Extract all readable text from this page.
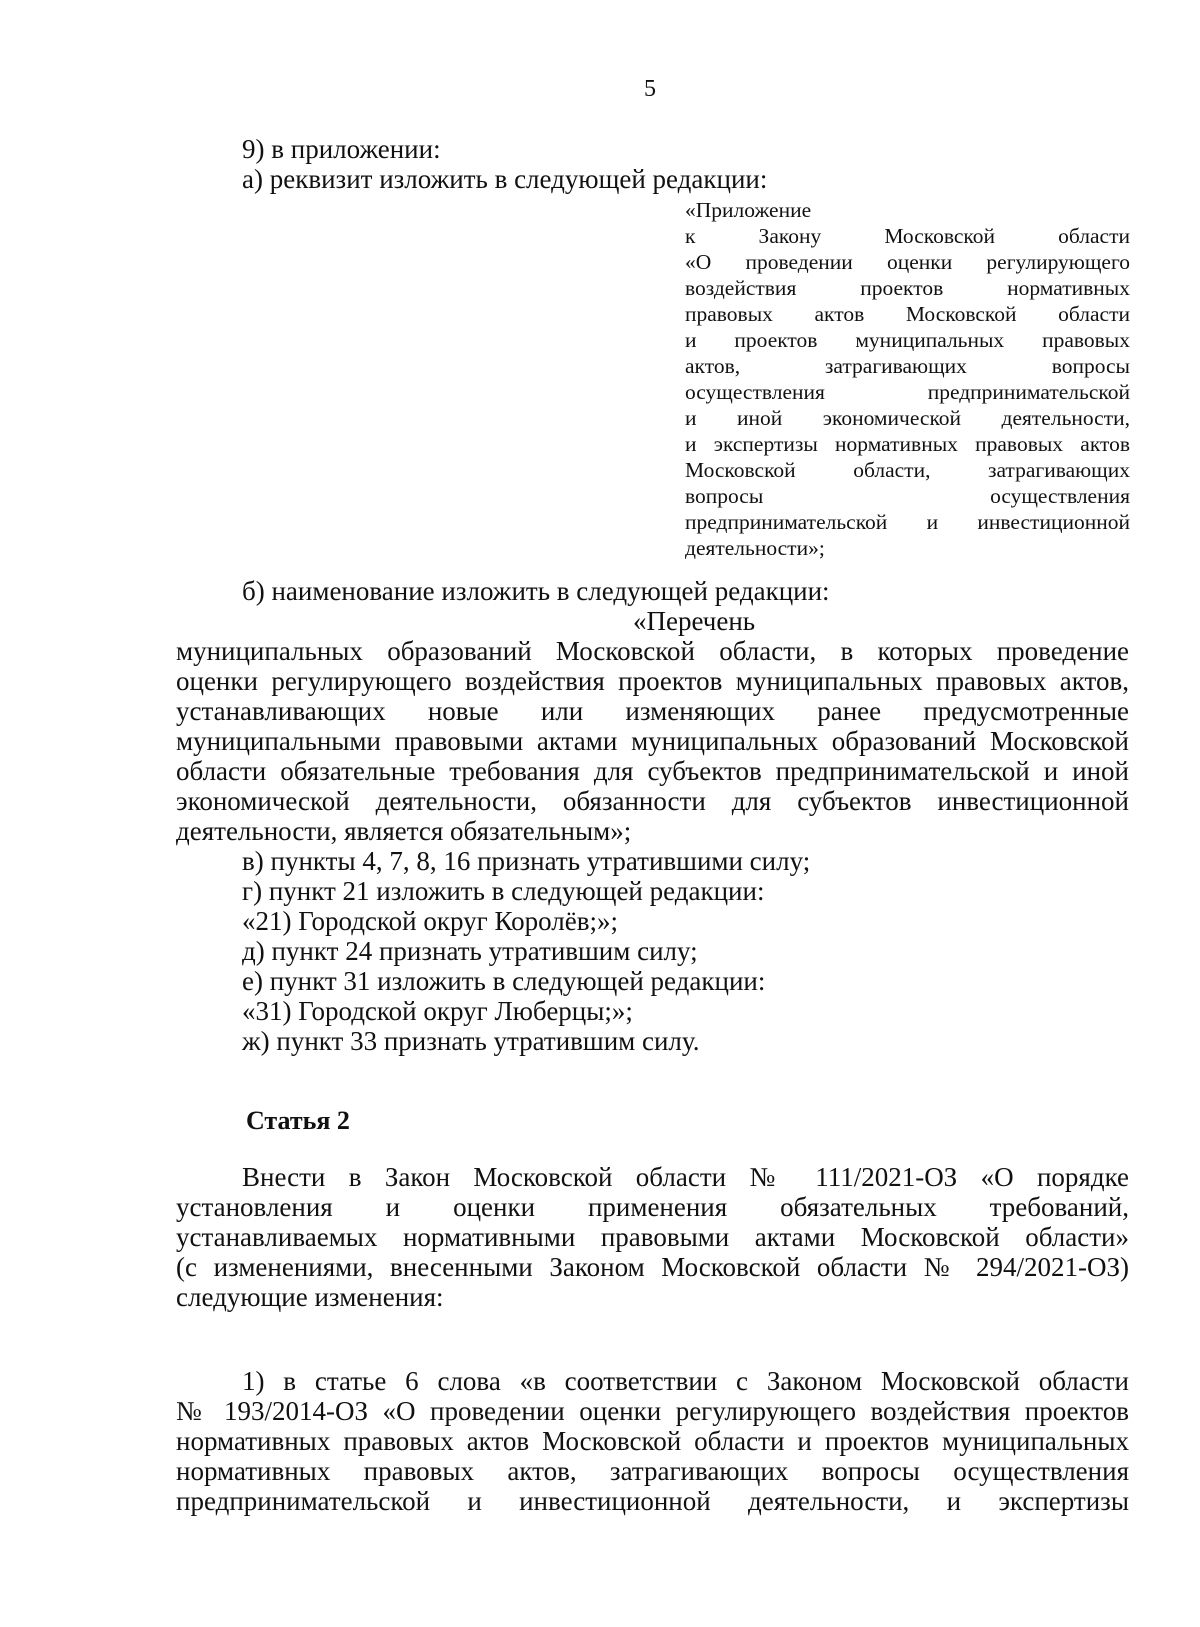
5
9) в приложении:
а) реквизит изложить в следующей редакции:
«Приложение
к Закону Московской области
«О проведении оценки регулирующего
воздействия проектов нормативных
правовых актов Московской области
и проектов муниципальных правовых
актов, затрагивающих вопросы
осуществления предпринимательской
и иной экономической деятельности,
и экспертизы нормативных правовых актов
Московской области, затрагивающих
вопросы осуществления
предпринимательской и инвестиционной
деятельности»;
б) наименование изложить в следующей редакции:
«Перечень
муниципальных образований Московской области, в которых проведение
оценки регулирующего воздействия проектов муниципальных правовых актов,
устанавливающих новые или изменяющих ранее предусмотренные
муниципальными правовыми актами муниципальных образований Московской
области обязательные требования для субъектов предпринимательской и иной
экономической деятельности, обязанности для субъектов инвестиционной
деятельности, является обязательным»;
в) пункты 4, 7, 8, 16 признать утратившими силу;
г) пункт 21 изложить в следующей редакции:
«21) Городской округ Королёв;»;
д) пункт 24 признать утратившим силу;
е) пункт 31 изложить в следующей редакции:
«31) Городской округ Люберцы;»;
ж) пункт 33 признать утратившим силу.
Статья 2
Внести в Закон Московской области № 111/2021-ОЗ «О порядке
установления и оценки применения обязательных требований,
устанавливаемых нормативными правовыми актами Московской области»
(с изменениями, внесенными Законом Московской области № 294/2021-ОЗ)
следующие изменения:
1) в статье 6 слова «в соответствии с Законом Московской области
№ 193/2014-ОЗ «О проведении оценки регулирующего воздействия проектов
нормативных правовых актов Московской области и проектов муниципальных
нормативных правовых актов, затрагивающих вопросы осуществления
предпринимательской и инвестиционной деятельности, и экспертизы
